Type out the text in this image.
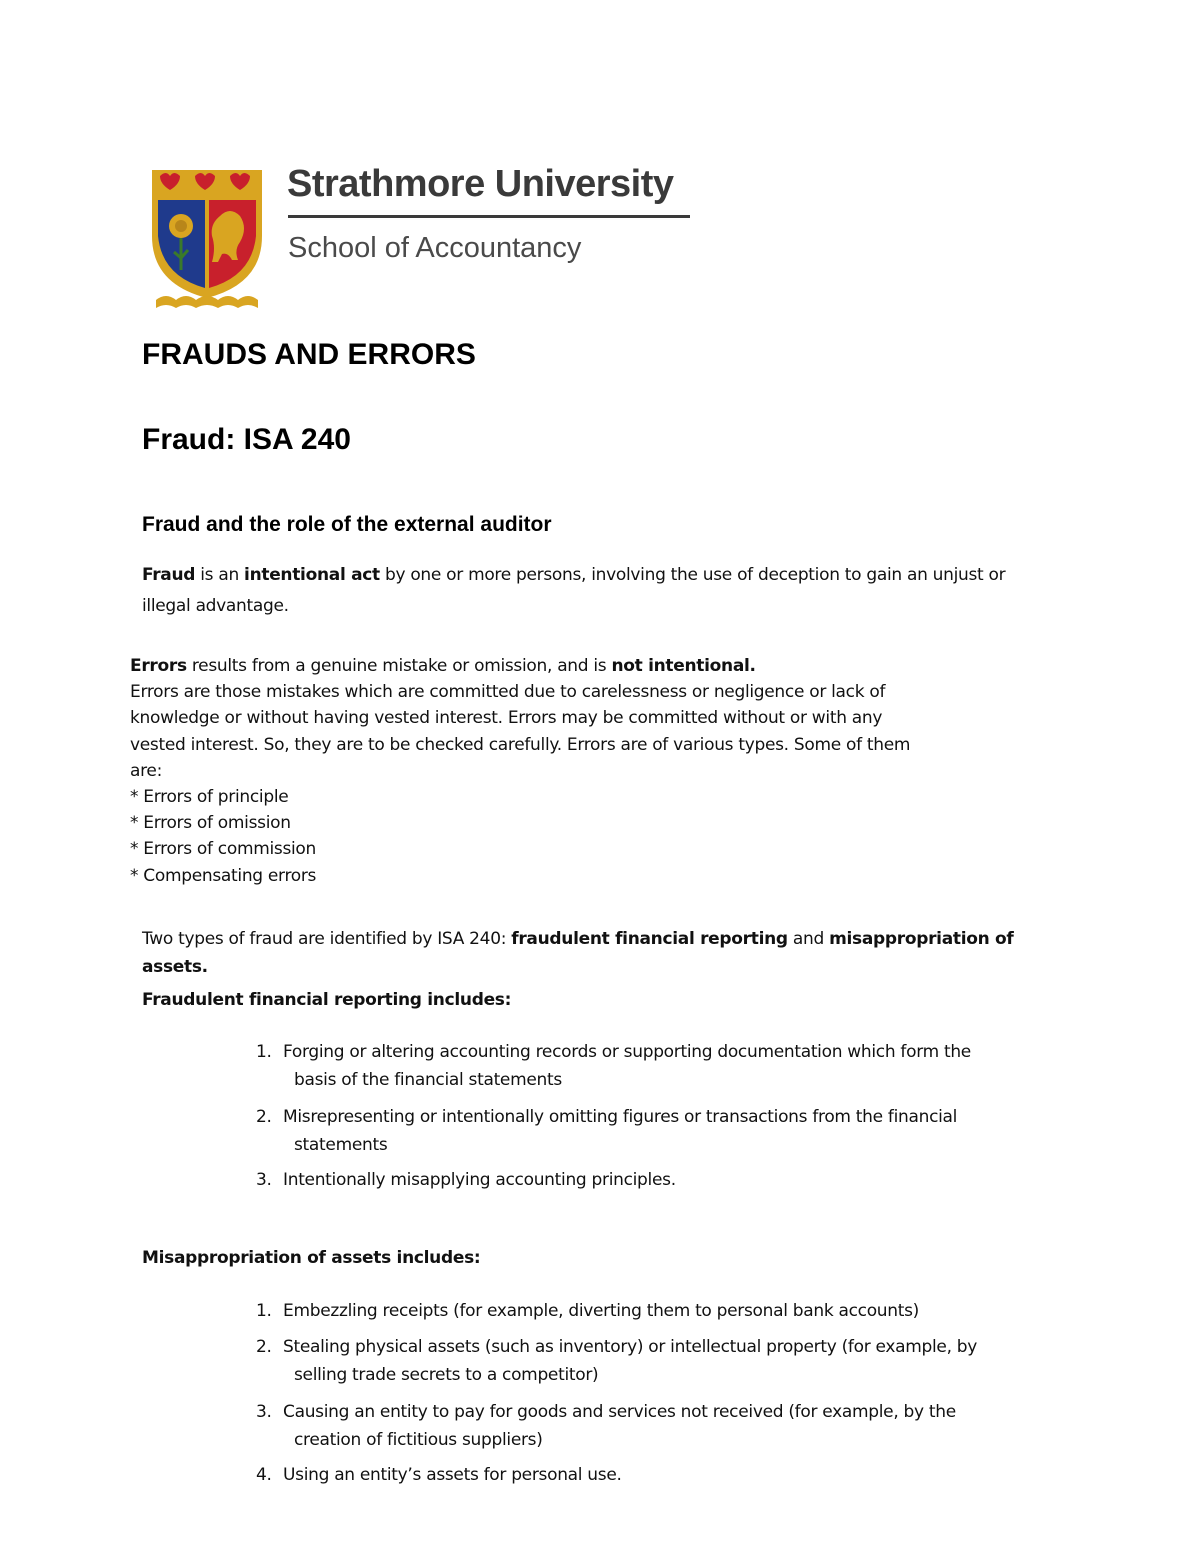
Strathmore University
School of Accountancy
FRAUDS AND ERRORS
Fraud: ISA 240
Fraud and the role of the external auditor
Fraud is an intentional act by one or more persons, involving the use of deception to gain an unjust or
illegal advantage.
Errors results from a genuine mistake or omission, and is not intentional.
Errors are those mistakes which are committed due to carelessness or negligence or lack of
knowledge or without having vested interest. Errors may be committed without or with any
vested interest. So, they are to be checked carefully. Errors are of various types. Some of them
are:
* Errors of principle
* Errors of omission
* Errors of commission
* Compensating errors
Two types of fraud are identified by ISA 240: fraudulent financial reporting and misappropriation of
assets.
Fraudulent financial reporting includes:
1. Forging or altering accounting records or supporting documentation which form the
basis of the financial statements
2. Misrepresenting or intentionally omitting figures or transactions from the financial
statements
3. Intentionally misapplying accounting principles.
Misappropriation of assets includes:
1. Embezzling receipts (for example, diverting them to personal bank accounts)
2. Stealing physical assets (such as inventory) or intellectual property (for example, by
selling trade secrets to a competitor)
3. Causing an entity to pay for goods and services not received (for example, by the
creation of fictitious suppliers)
4. Using an entity’s assets for personal use.
